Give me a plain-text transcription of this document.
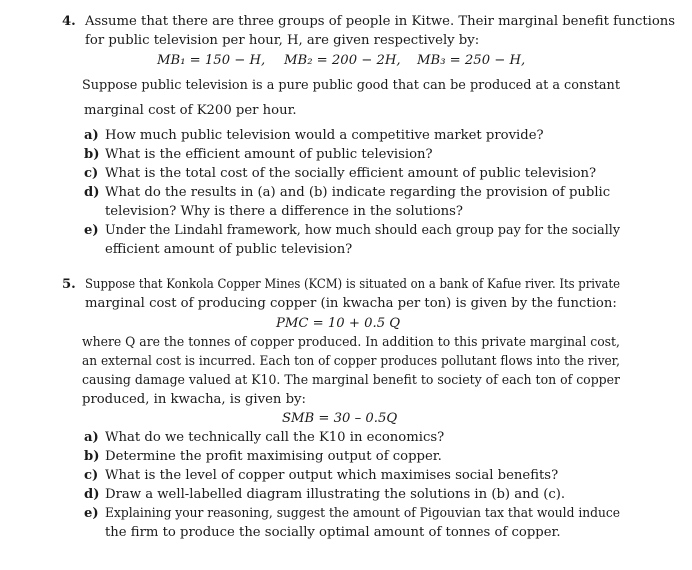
4. Assume that there are three groups of people in Kitwe. Their marginal benefit functions
for public television per hour, H, are given respectively by:
MB₁ = 150 − H, MB₂ = 200 − 2H, MB₃ = 250 − H,
Suppose public television is a pure public good that can be produced at a constant
marginal cost of K200 per hour.
a) How much public television would a competitive market provide?
b) What is the efficient amount of public television?
c) What is the total cost of the socially efficient amount of public television?
d) What do the results in (a) and (b) indicate regarding the provision of public
television? Why is there a difference in the solutions?
e) Under the Lindahl framework, how much should each group pay for the socially
efficient amount of public television?
5. Suppose that Konkola Copper Mines (KCM) is situated on a bank of Kafue river. Its private
marginal cost of producing copper (in kwacha per ton) is given by the function:
PMC = 10 + 0.5 Q
where Q are the tonnes of copper produced. In addition to this private marginal cost,
an external cost is incurred. Each ton of copper produces pollutant flows into the river,
causing damage valued at K10. The marginal benefit to society of each ton of copper
produced, in kwacha, is given by:
SMB = 30 – 0.5Q
a) What do we technically call the K10 in economics?
b) Determine the profit maximising output of copper.
c) What is the level of copper output which maximises social benefits?
d) Draw a well-labelled diagram illustrating the solutions in (b) and (c).
e) Explaining your reasoning, suggest the amount of Pigouvian tax that would induce
the firm to produce the socially optimal amount of tonnes of copper.
